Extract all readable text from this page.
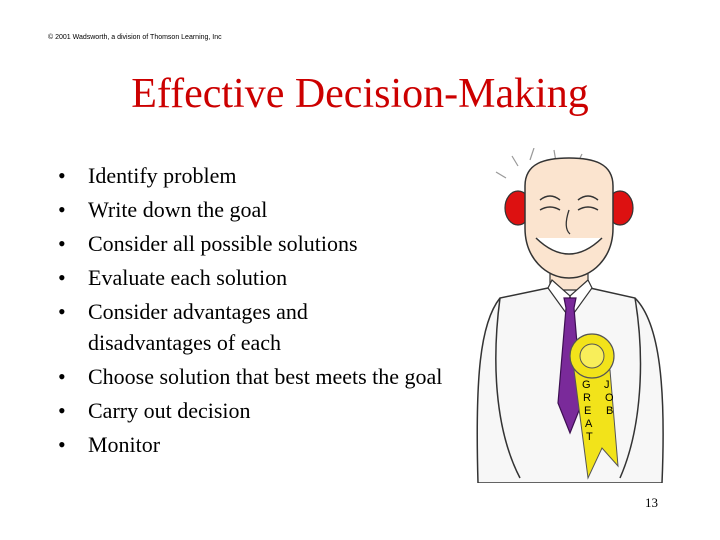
© 2001 Wadsworth, a division of Thomson Learning, Inc
Effective Decision-Making
• Identify problem
• Write down the goal
• Consider all possible solutions
• Evaluate each solution
• Consider advantages and disadvantages of each
• Choose solution that best meets the goal
• Carry out decision
• Monitor
G
R
E
A
T
J
O
B
13
